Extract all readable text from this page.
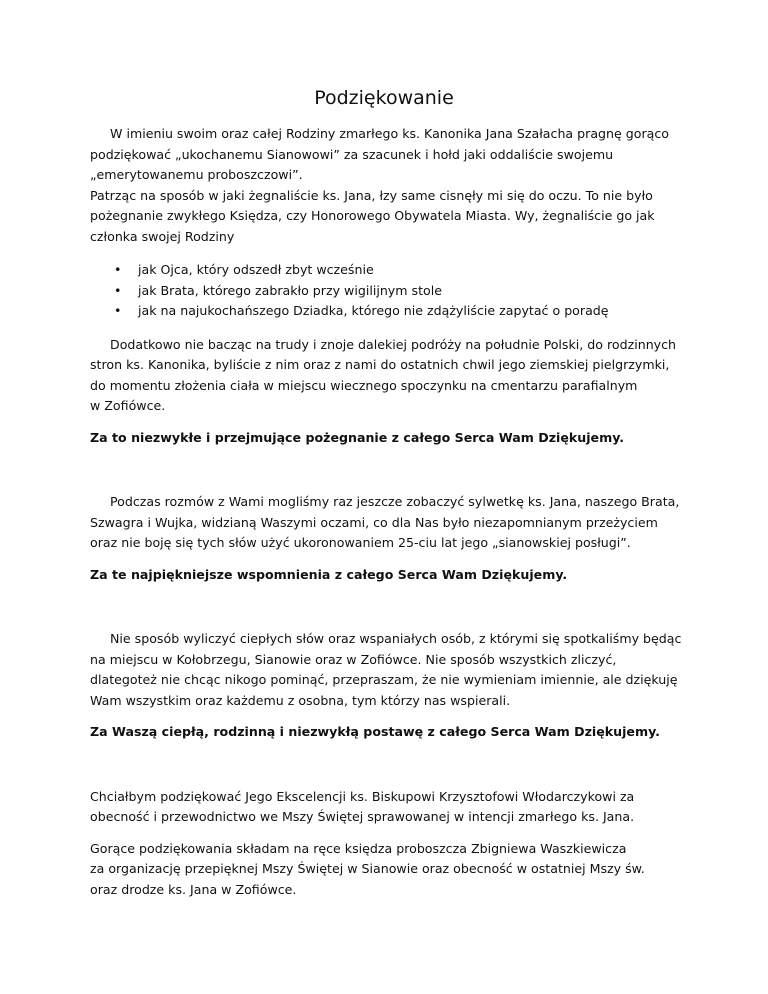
Podziękowanie

W imieniu swoim oraz całej Rodziny zmarłego ks. Kanonika Jana Szałacha pragnę gorąco

podziękować „ukochanemu Sianowowi” za szacunek i hołd jaki oddaliście swojemu

„emerytowanemu proboszczowi”.

Patrząc na sposób w jaki żegnaliście ks. Jana, łzy same cisnęły mi się do oczu. To nie było

pożegnanie zwykłego Księdza, czy Honorowego Obywatela Miasta. Wy, żegnaliście go jak

członka swojej Rodziny

• jak Ojca, który odszedł zbyt wcześnie
• jak Brata, którego zabrakło przy wigilijnym stole
• jak na najukochańszego Dziadka, którego nie zdążyliście zapytać o poradę

Dodatkowo nie bacząc na trudy i znoje dalekiej podróży na południe Polski, do rodzinnych

stron ks. Kanonika, byliście z nim oraz z nami do ostatnich chwil jego ziemskiej pielgrzymki,

do momentu złożenia ciała w miejscu wiecznego spoczynku na cmentarzu parafialnym

w Zofiówce.

Za to niezwykłe i przejmujące pożegnanie z całego Serca Wam Dziękujemy.

Podczas rozmów z Wami mogliśmy raz jeszcze zobaczyć sylwetkę ks. Jana, naszego Brata,

Szwagra i Wujka, widzianą Waszymi oczami, co dla Nas było niezapomnianym przeżyciem

oraz nie boję się tych słów użyć ukoronowaniem 25-ciu lat jego „sianowskiej posługi”.

Za te najpiękniejsze wspomnienia z całego Serca Wam Dziękujemy.

Nie sposób wyliczyć ciepłych słów oraz wspaniałych osób, z którymi się spotkaliśmy będąc

na miejscu w Kołobrzegu, Sianowie oraz w Zofiówce. Nie sposób wszystkich zliczyć,

dlategoteż nie chcąc nikogo pominąć, przepraszam, że nie wymieniam imiennie, ale dziękuję

Wam wszystkim oraz każdemu z osobna, tym którzy nas wspierali.

Za Waszą ciepłą, rodzinną i niezwykłą postawę z całego Serca Wam Dziękujemy.

Chciałbym podziękować Jego Ekscelencji ks. Biskupowi Krzysztofowi Włodarczykowi za

obecność i przewodnictwo we Mszy Świętej sprawowanej w intencji zmarłego ks. Jana.

Gorące podziękowania składam na ręce księdza proboszcza Zbigniewa Waszkiewicza

za organizację przepięknej Mszy Świętej w Sianowie oraz obecność w ostatniej Mszy św.

oraz drodze ks. Jana w Zofiówce.
